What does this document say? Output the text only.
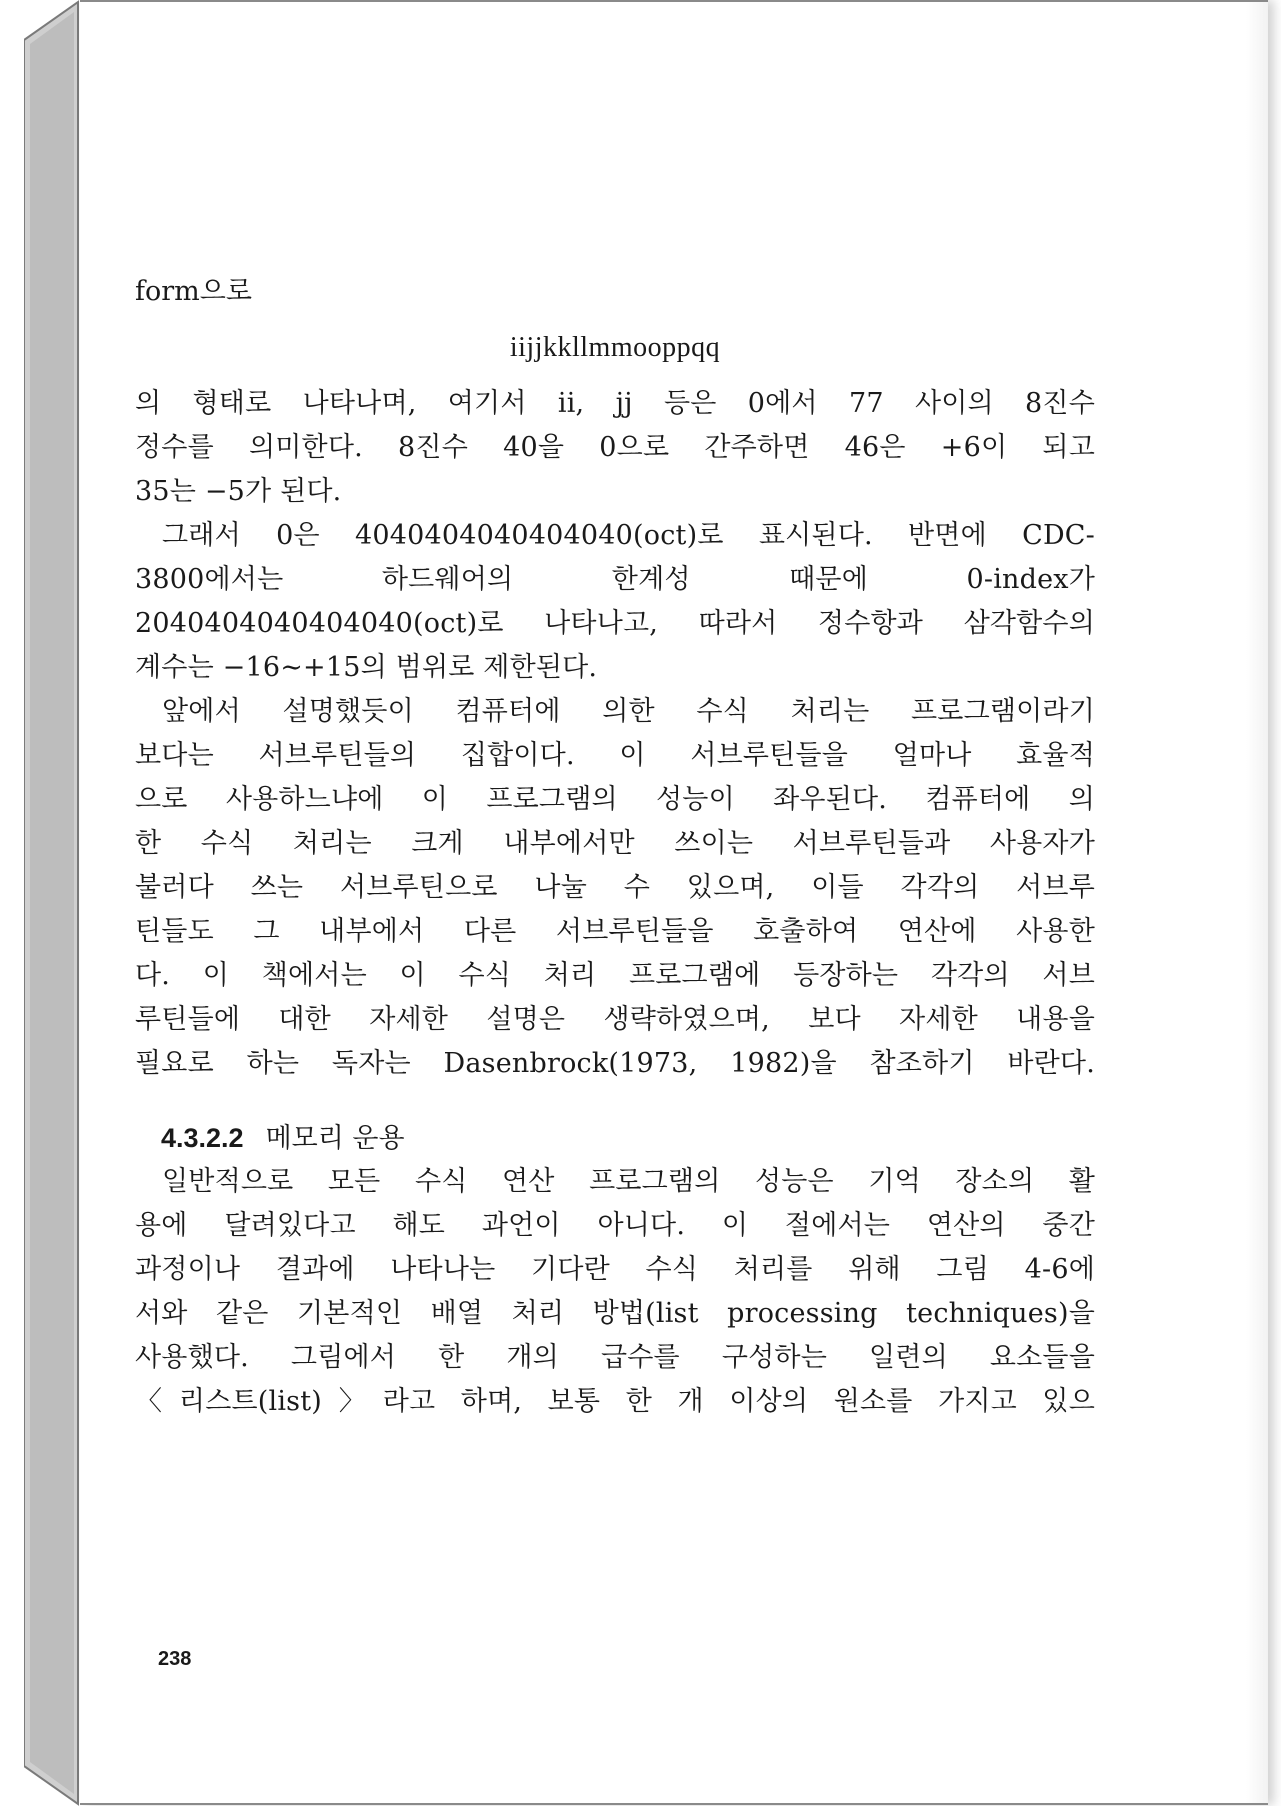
form으로
iijjkkllmmooppqq
의 형태로 나타나며, 여기서 ii, jj 등은 0에서 77 사이의 8진수
정수를 의미한다. 8진수 40을 0으로 간주하면 46은 +6이 되고
35는 −5가 된다.
그래서 0은 4040404040404040(oct)로 표시된다. 반면에 CDC-
3800에서는 하드웨어의 한계성 때문에 0-index가
2040404040404040(oct)로 나타나고, 따라서 정수항과 삼각함수의
계수는 −16∼+15의 범위로 제한된다.
앞에서 설명했듯이 컴퓨터에 의한 수식 처리는 프로그램이라기
보다는 서브루틴들의 집합이다. 이 서브루틴들을 얼마나 효율적
으로 사용하느냐에 이 프로그램의 성능이 좌우된다. 컴퓨터에 의
한 수식 처리는 크게 내부에서만 쓰이는 서브루틴들과 사용자가
불러다 쓰는 서브루틴으로 나눌 수 있으며, 이들 각각의 서브루
틴들도 그 내부에서 다른 서브루틴들을 호출하여 연산에 사용한
다. 이 책에서는 이 수식 처리 프로그램에 등장하는 각각의 서브
루틴들에 대한 자세한 설명은 생략하였으며, 보다 자세한 내용을
필요로 하는 독자는 Dasenbrock(1973, 1982)을 참조하기 바란다.
4.3.2.2 메모리 운용
일반적으로 모든 수식 연산 프로그램의 성능은 기억 장소의 활
용에 달려있다고 해도 과언이 아니다. 이 절에서는 연산의 중간
과정이나 결과에 나타나는 기다란 수식 처리를 위해 그림 4-6에
서와 같은 기본적인 배열 처리 방법(list processing techniques)을
사용했다. 그림에서 한 개의 급수를 구성하는 일련의 요소들을
〈리스트(list)〉라고 하며, 보통 한 개 이상의 원소를 가지고 있으
238
